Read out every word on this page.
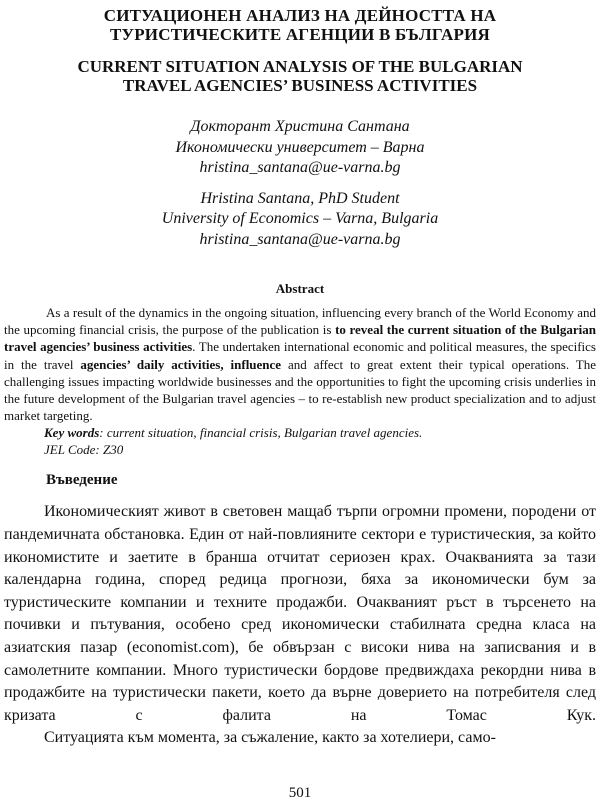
СИТУАЦИОНЕН АНАЛИЗ НА ДЕЙНОСТТА НА
ТУРИСТИЧЕСКИТЕ АГЕНЦИИ В БЪЛГАРИЯ
CURRENT SITUATION ANALYSIS OF THE BULGARIAN
TRAVEL AGENCIES’ BUSINESS ACTIVITIES
Докторант Христина Сантана
Икономически университет – Варна
hristina_santana@ue-varna.bg
Hristina Santana, PhD Student
University of Economics – Varna, Bulgaria
hristina_santana@ue-varna.bg
Abstract

As a result of the dynamics in the ongoing situation, influencing every branch of the World Economy and the upcoming financial crisis, the purpose of the publication is to reveal the current situation of the Bulgarian travel agencies’ business activities. The undertaken international economic and political measures, the specifics in the travel agencies’ daily activities, influence and affect to great extent their typical operations. The challenging issues impacting worldwide businesses and the opportunities to fight the upcoming crisis underlies in the future development of the Bulgarian travel agencies – to re-establish new product specialization and to adjust market targeting.

Key words: current situation, financial crisis, Bulgarian travel agencies.
JEL Code: Z30
Въведение

Икономическият живот в световен мащаб търпи огромни промени, породени от пандемичната обстановка. Един от най-повлияните сектори е туристическия, за който икономистите и заетите в бранша отчитат сериозен крах. Очакванията за тази календарна година, според редица прогнози, бяха за икономически бум за туристическите компании и техните продажби. Очакваният ръст в търсенето на почивки и пътувания, особено сред икономически стабилната средна класа на азиатския пазар (economist.com), бе обвързан с високи нива на записвания и в самолетните компании. Много туристически бордове предвиждаха рекордни нива в продажбите на туристически пакети, което да върне доверието на потребителя след кризата с фалита на Томас Кук.

Ситуацията към момента, за съжаление, както за хотелиери, само-

501
